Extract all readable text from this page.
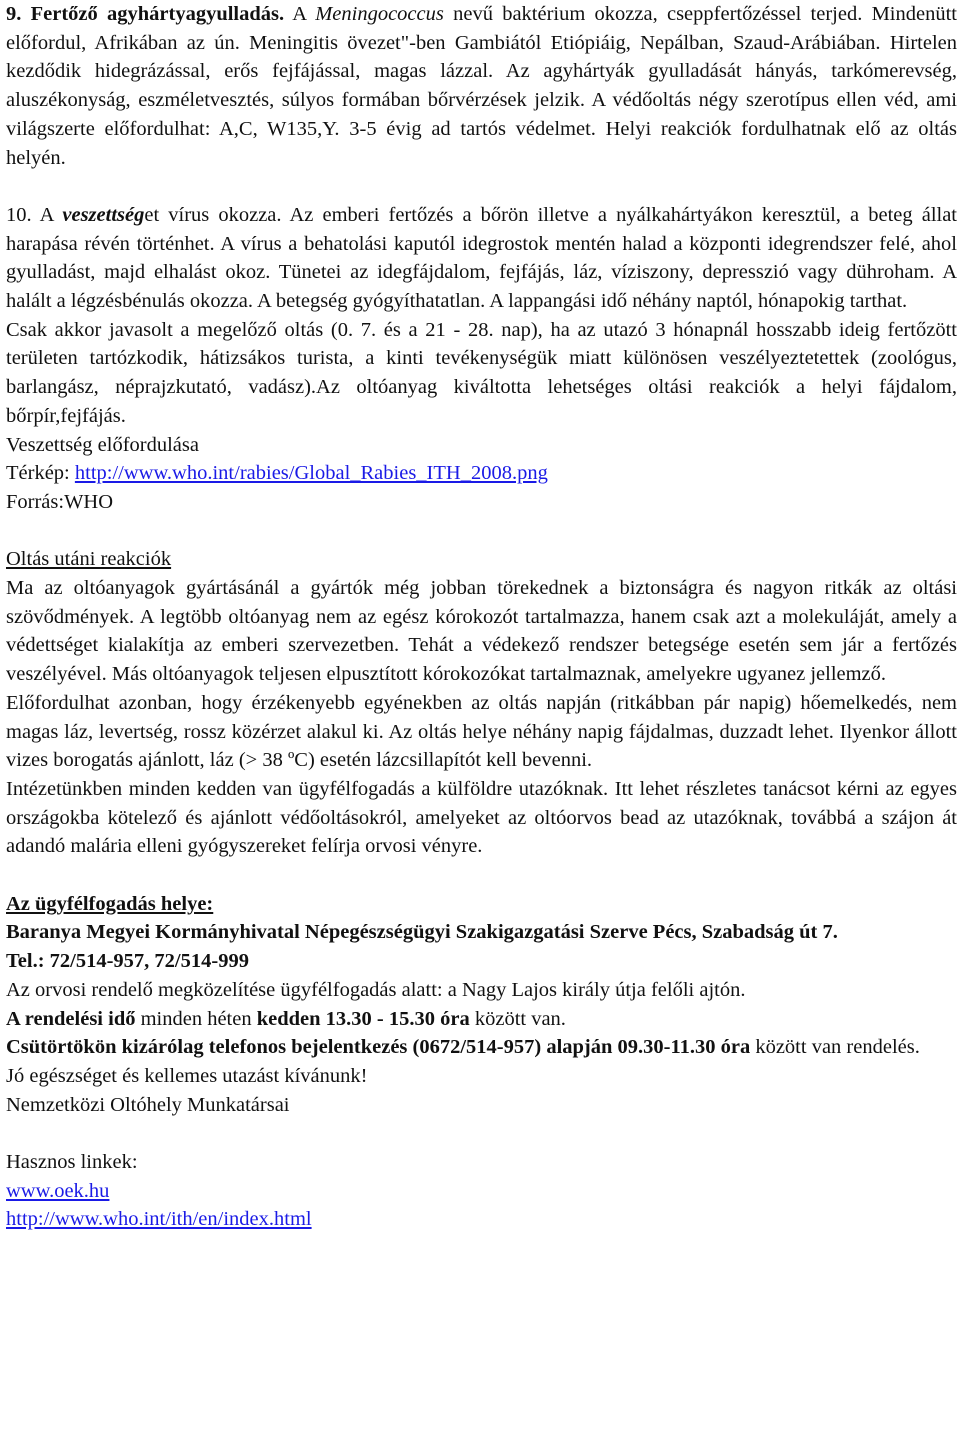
9. Fertőző agyhártyagyulladás. A Meningococcus nevű baktérium okozza, cseppfertőzéssel terjed. Mindenütt előfordul, Afrikában az ún. Meningitis övezet"-ben Gambiától Etiópiáig, Nepálban, Szaud-Arábiában. Hirtelen kezdődik hidegrázással, erős fejfájással, magas lázzal. Az agyhártyák gyulladását hányás, tarkómerevség, aluszékonyság, eszméletvesztés, súlyos formában bőrvérzések jelzik. A védőoltás négy szerotípus ellen véd, ami világszerte előfordulhat: A,C, W135,Y. 3-5 évig ad tartós védelmet. Helyi reakciók fordulhatnak elő az oltás helyén.

10. A veszettséget vírus okozza. Az emberi fertőzés a bőrön illetve a nyálkahártyákon keresztül, a beteg állat harapása révén történhet. A vírus a behatolási kaputól idegrostok mentén halad a központi idegrendszer felé, ahol gyulladást, majd elhalást okoz. Tünetei az idegfájdalom, fejfájás, láz, víziszony, depresszió vagy dühroham. A halált a légzésbénulás okozza. A betegség gyógyíthatatlan. A lappangási idő néhány naptól, hónapokig tarthat.

Csak akkor javasolt a megelőző oltás (0. 7. és a 21 - 28. nap), ha az utazó 3 hónapnál hosszabb ideig fertőzött területen tartózkodik, hátizsákos turista, a kinti tevékenységük miatt különösen veszélyeztetettek (zoológus, barlangász, néprajzkutató, vadász).Az oltóanyag kiváltotta lehetséges oltási reakciók a helyi fájdalom, bőrpír,fejfájás.

Veszettség előfordulása

Térkép: http://www.who.int/rabies/Global_Rabies_ITH_2008.png

Forrás:WHO

Oltás utáni reakciók

Ma az oltóanyagok gyártásánál a gyártók még jobban törekednek a biztonságra és nagyon ritkák az oltási szövődmények. A legtöbb oltóanyag nem az egész kórokozót tartalmazza, hanem csak azt a molekuláját, amely a védettséget kialakítja az emberi szervezetben. Tehát a védekező rendszer betegsége esetén sem jár a fertőzés veszélyével. Más oltóanyagok teljesen elpusztított kórokozókat tartalmaznak, amelyekre ugyanez jellemző.

Előfordulhat azonban, hogy érzékenyebb egyénekben az oltás napján (ritkábban pár napig) hőemelkedés, nem magas láz, levertség, rossz közérzet alakul ki. Az oltás helye néhány napig fájdalmas, duzzadt lehet. Ilyenkor állott vizes borogatás ajánlott, láz (> 38 ºC) esetén lázcsillapítót kell bevenni.

Intézetünkben minden kedden van ügyfélfogadás a külföldre utazóknak. Itt lehet részletes tanácsot kérni az egyes országokba kötelező és ajánlott védőoltásokról, amelyeket az oltóorvos bead az utazóknak, továbbá a szájon át adandó malária elleni gyógyszereket felírja orvosi vényre.

Az ügyfélfogadás helye:

Baranya Megyei Kormányhivatal Népegészségügyi Szakigazgatási Szerve Pécs, Szabadság út 7.

Tel.: 72/514-957, 72/514-999

Az orvosi rendelő megközelítése ügyfélfogadás alatt: a Nagy Lajos király útja felőli ajtón.

A rendelési idő minden héten kedden 13.30 - 15.30 óra között van.

Csütörtökön kizárólag telefonos bejelentkezés (0672/514-957) alapján 09.30-11.30 óra között van rendelés.

Jó egészséget és kellemes utazást kívánunk!

Nemzetközi Oltóhely Munkatársai

Hasznos linkek:

www.oek.hu

http://www.who.int/ith/en/index.html
